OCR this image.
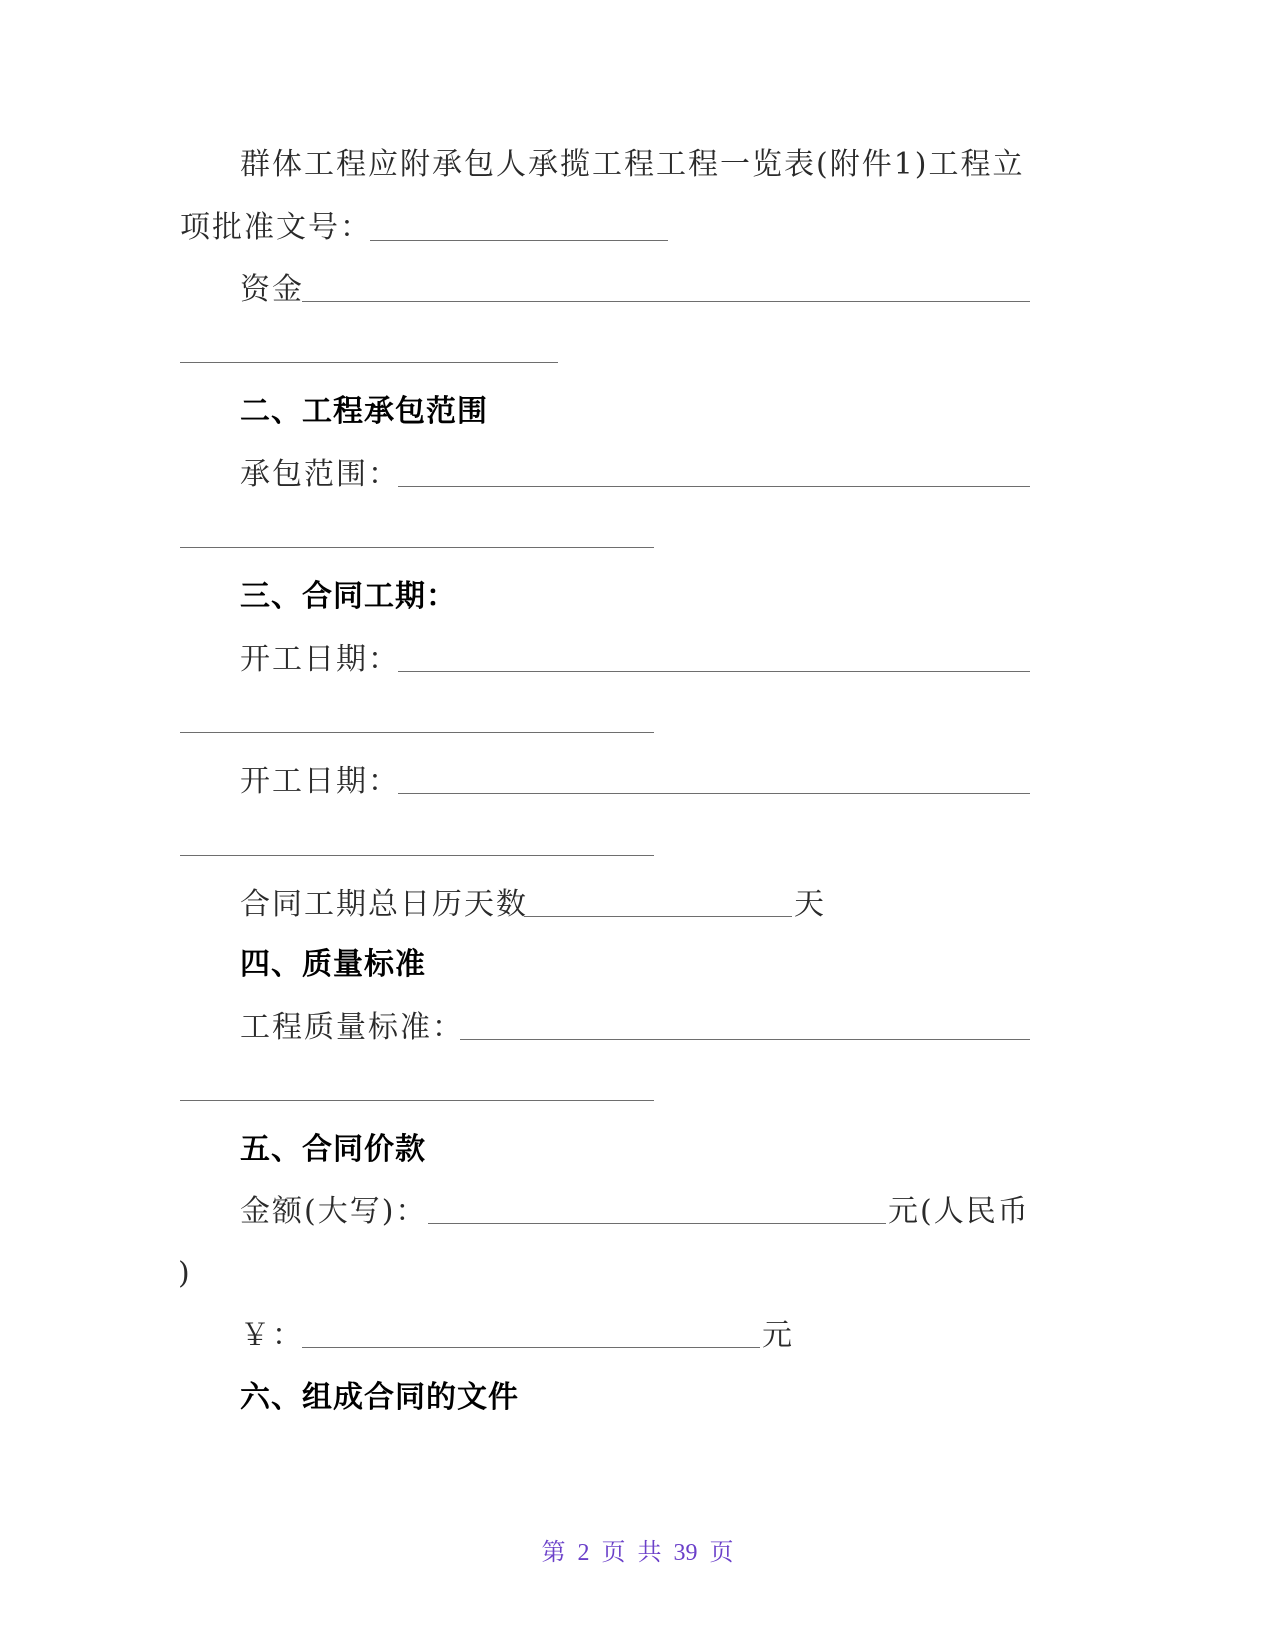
群体工程应附承包人承揽工程工程一览表(附件1)工程立
项批准文号：
资金
二、工程承包范围
承包范围：
三、合同工期：
开工日期：
开工日期：
合同工期总日历天数	天
四、质量标准
工程质量标准：
五、合同价款
金额(大写)：	元(人民币
)
￥：	元
六、组成合同的文件
第 2 页 共 39 页
